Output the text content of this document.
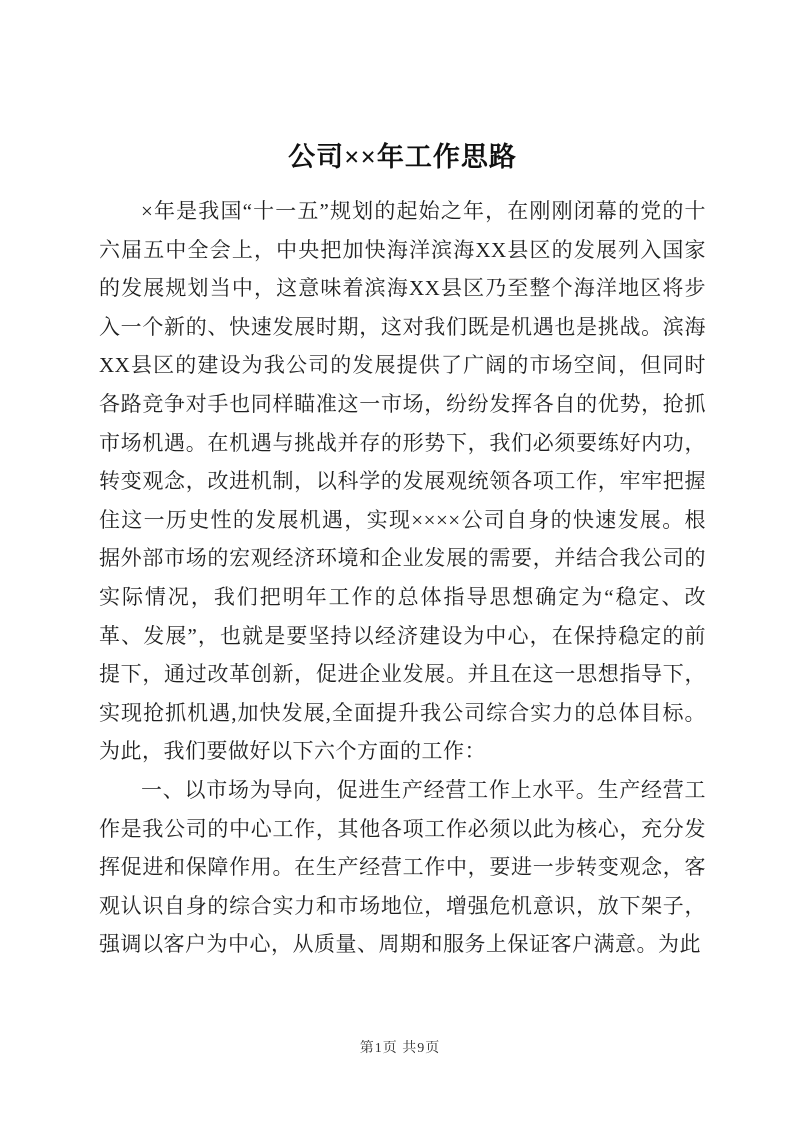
公司××年工作思路

×年是我国“十一五”规划的起始之年，在刚刚闭幕的党的十六届五中全会上，中央把加快海洋滨海XX县区的发展列入国家的发展规划当中，这意味着滨海XX县区乃至整个海洋地区将步入一个新的、快速发展时期，这对我们既是机遇也是挑战。滨海XX县区的建设为我公司的发展提供了广阔的市场空间，但同时各路竞争对手也同样瞄准这一市场，纷纷发挥各自的优势，抢抓市场机遇。在机遇与挑战并存的形势下，我们必须要练好内功，转变观念，改进机制，以科学的发展观统领各项工作，牢牢把握住这一历史性的发展机遇，实现××××公司自身的快速发展。根据外部市场的宏观经济环境和企业发展的需要，并结合我公司的实际情况，我们把明年工作的总体指导思想确定为“稳定、改革、发展”，也就是要坚持以经济建设为中心，在保持稳定的前提下，通过改革创新，促进企业发展。并且在这一思想指导下，实现抢抓机遇,加快发展,全面提升我公司综合实力的总体目标。为此，我们要做好以下六个方面的工作：

一、以市场为导向，促进生产经营工作上水平。生产经营工作是我公司的中心工作，其他各项工作必须以此为核心，充分发挥促进和保障作用。在生产经营工作中，要进一步转变观念，客观认识自身的综合实力和市场地位，增强危机意识，放下架子，强调以客户为中心，从质量、周期和服务上保证客户满意。为此

第1页 共9页
